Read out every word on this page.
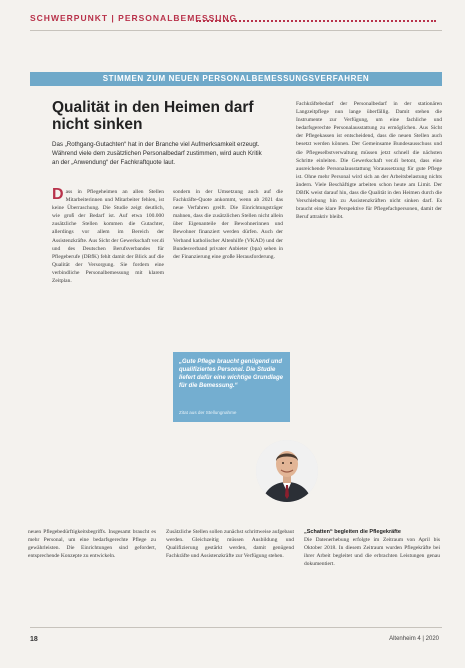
SCHWERPUNKT | PERSONALBEMESSUNG
STIMMEN ZUM NEUEN PERSONALBEMESSUNGSVERFAHREN
Qualität in den Heimen darf nicht sinken
Das „Rothgang-Gutachten“ hat in der Branche viel Aufmerksamkeit erzeugt. Während viele dem zusätzlichen Personalbedarf zustimmen, wird auch Kritik an der „Anwendung“ der Fachkraftquote laut.
D ass in Pflegeheimen an allen Stellen Mitarbeiterinnen und Mitarbeiter fehlen, ist keine Überraschung. Die Studie zeigt deutlich, wie groß der Bedarf ist. Auf etwa 100.000 zusätzliche Stellen kommen die Gutachter, allerdings vor allem im Bereich der Assistenzkräfte. Aus Sicht der Gewerkschaft ver.di und des Deutschen Berufsverbandes für Pflegeberufe (DBfK) fehlt damit der Blick auf die Qualität der Versorgung. Sie fordern eine verbindliche Personalbemessung mit klarem Zeitplan.

sondern in der Umsetzung auch auf die Fachkräfte-Quote ankommt, wenn ab 2021 das neue Verfahren greift. Die Einrichtungsträger mahnen, dass die zusätzlichen Stellen nicht allein über Eigenanteile der Bewohnerinnen und Bewohner finanziert werden dürfen. Auch der Verband katholischer Altenhilfe (VKAD) und der Bundesverband privater Anbieter (bpa) sehen in der Finanzierung eine große Herausforderung.

Fachkräftebedarf der Personalbedarf in der stationären Langzeitpflege nun lange überfällig. Damit stehen die Instrumente zur Verfügung, um eine fachliche und bedarfsgerechte Personalausstattung zu ermöglichen. Aus Sicht der Pflegekassen ist entscheidend, dass die neuen Stellen auch besetzt werden können. Der Gemeinsame Bundesausschuss und die Pflegeselbstverwaltung müssen jetzt schnell die nächsten Schritte einleiten. Die Gewerkschaft ver.di betont, dass eine ausreichende Personalausstattung Voraussetzung für gute Pflege ist. Ohne mehr Personal wird sich an der Arbeitsbelastung nichts ändern. Viele Beschäftigte arbeiten schon heute am Limit. Der DBfK weist darauf hin, dass die Qualität in den Heimen durch die Verschiebung hin zu Assistenzkräften nicht sinken darf. Es braucht eine klare Perspektive für Pflegefachpersonen, damit der Beruf attraktiv bleibt.

„Gute Pflege braucht genügend und qualifiziertes Personal. Die Studie liefert dafür eine wichtige Grundlage für die Bemessung.“
Zitat aus der Stellungnahme

neuen Pflegebedürftigkeitsbegriffs. Insgesamt braucht es mehr Personal, um eine bedarfsgerechte Pflege zu gewährleisten. Die Einrichtungen sind gefordert, entsprechende Konzepte zu entwickeln.

Zusätzliche Stellen sollen zunächst schrittweise aufgebaut werden. Gleichzeitig müssen Ausbildung und Qualifizierung gestärkt werden, damit genügend Fachkräfte und Assistenzkräfte zur Verfügung stehen.

„Schatten“ begleiten die Pflegekräfte

Die Datenerhebung erfolgte im Zeitraum von April bis Oktober 2018. In diesem Zeitraum wurden Pflegekräfte bei ihrer Arbeit begleitet und die erbrachten Leistungen genau dokumentiert.

18	Altenheim 4 | 2020
